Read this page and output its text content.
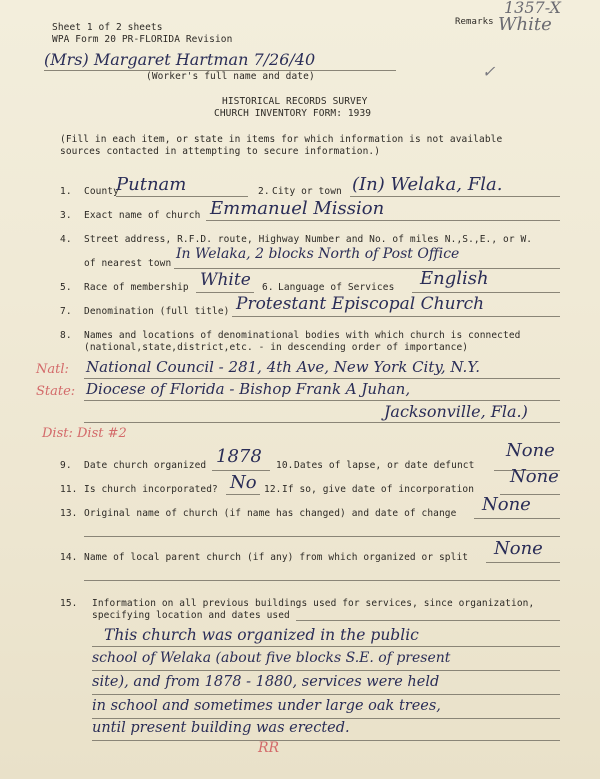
Sheet 1 of 2 sheets
WPA Form 20 PR-FLORIDA Revision
Remarks White
1357-X
(Mrs) Margaret Hartman 7/26/40
(Worker's full name and date)	✓
HISTORICAL RECORDS SURVEY
CHURCH INVENTORY FORM: 1939
(Fill in each item, or state in items for which information is not available
sources contacted in attempting to secure information.)
1. County
Putnam	2. City or town (In) Welaka, Fla.
3. Exact name of church Emmanuel Mission
4. Street address, R.F.D. route, Highway Number and No. of miles N.,S.,E., or W.
of nearest town
In Welaka, 2 blocks North of Post Office
5. Race of membership White 6. Language of Services English
7. Denomination (full title) Protestant Episcopal Church
8. Names and locations of denominational bodies with which church is connected
(national,state,district,etc. - in descending order of importance)
Natl:
State:
National Council - 281, 4th Ave, New York City, N.Y.
Diocese of Florida - Bishop Frank A Juhan,
Jacksonville, Fla.)
Dist: Dist #2
9. Date church organized 1878 10. Dates of lapse, or date defunct
None
11. Is church incorporated? No 12. If so, give date of incorporation
None
13. Original name of church (if name has changed) and date of change None
14. Name of local parent church (if any) from which organized or split None
15. Information on all previous buildings used for services, since organization,
specifying location and dates used
This church was organized in the public
school of Welaka (about five blocks S.E. of present
site), and from 1878 - 1880, services were held
in school and sometimes under large oak trees,
until present building was erected.
RR
